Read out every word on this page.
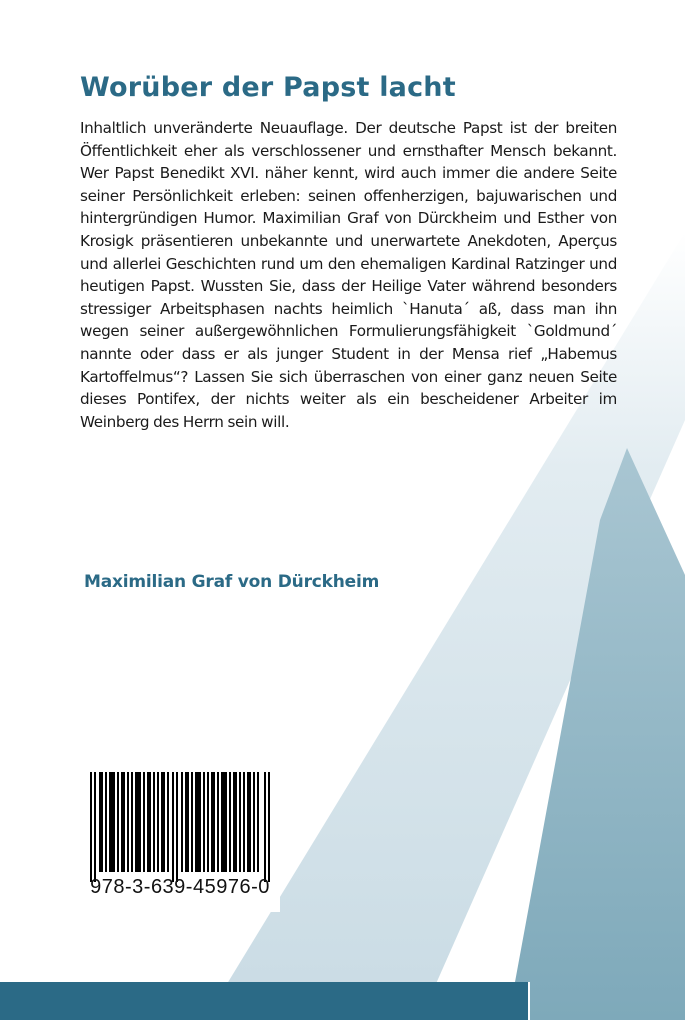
Worüber der Papst lacht

Inhaltlich unveränderte Neuauflage. Der deutsche Papst ist der breiten Öffentlichkeit eher als verschlossener und ernsthafter Mensch bekannt. Wer Papst Benedikt XVI. näher kennt, wird auch immer die andere Seite seiner Persönlichkeit erleben: seinen offenherzigen, bajuwarischen und hintergründigen Humor. Maximilian Graf von Dürckheim und Esther von Krosigk präsentieren unbekannte und unerwartete Anekdoten, Aperçus und allerlei Geschichten rund um den ehemaligen Kardinal Ratzinger und heutigen Papst. Wussten Sie, dass der Heilige Vater während besonders stressiger Arbeitsphasen nachts heimlich `Hanuta´ aß, dass man ihn wegen seiner außergewöhnlichen Formulierungsfähigkeit `Goldmund´ nannte oder dass er als junger Student in der Mensa rief „Habemus Kartoffelmus“? Lassen Sie sich überraschen von einer ganz neuen Seite dieses Pontifex, der nichts weiter als ein bescheidener Arbeiter im Weinberg des Herrn sein will.

Maximilian Graf von Dürckheim

978-3-639-45976-0
